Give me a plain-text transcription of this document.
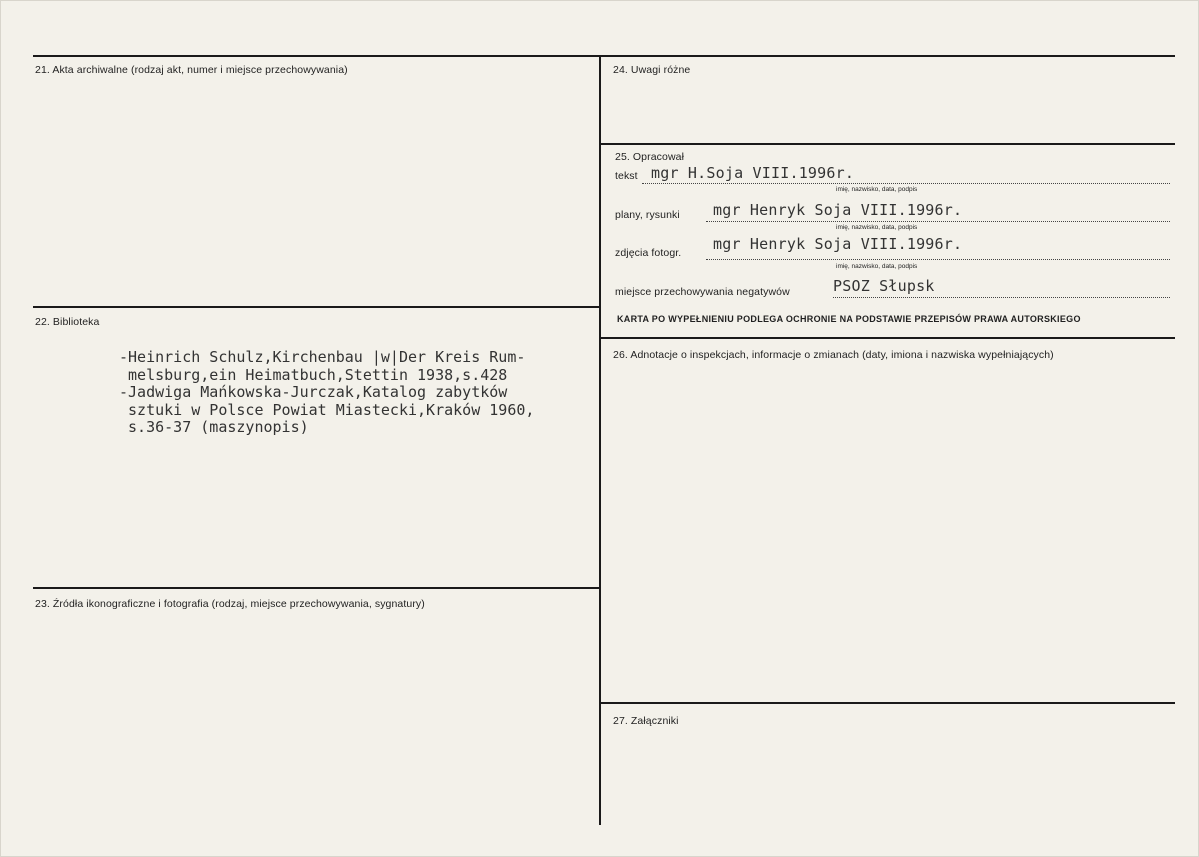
21. Akta archiwalne (rodzaj akt, numer i miejsce przechowywania)
22. Biblioteka
-Heinrich Schulz,Kirchenbau |w|Der Kreis Rum-
melsburg,ein Heimatbuch,Stettin 1938,s.428
-Jadwiga Mańkowska-Jurczak,Katalog zabytków
sztuki w Polsce Powiat Miastecki,Kraków 1960,
s.36-37 (maszynopis)
23. Źródła ikonograficzne i fotografia (rodzaj, miejsce przechowywania, sygnatury)
24. Uwagi różne
25. Opracował
tekst mgr H.Soja VIII.1996r.
imię, nazwisko, data, podpis
plany, rysunki mgr Henryk Soja VIII.1996r.
imię, nazwisko, data, podpis
zdjęcia fotogr. mgr Henryk Soja VIII.1996r.
imię, nazwisko, data, podpis
miejsce przechowywania negatywów	PSOZ Słupsk
KARTA PO WYPEŁNIENIU PODLEGA OCHRONIE NA PODSTAWIE PRZEPISÓW PRAWA AUTORSKIEGO
26. Adnotacje o inspekcjach, informacje o zmianach (daty, imiona i nazwiska wypełniających)
27. Załączniki
